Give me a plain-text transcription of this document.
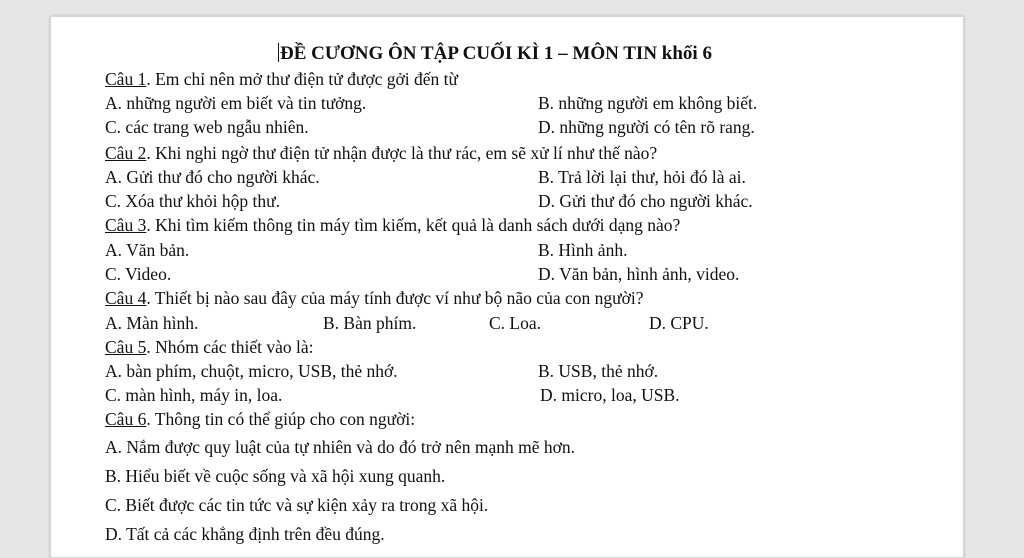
ĐỀ CƯƠNG ÔN TẬP CUỐI KÌ 1 – MÔN TIN khối 6
Câu 1. Em chỉ nên mở thư điện tử được gởi đến từ
A. những người em biết và tin tưởng.	B. những người em không biết.
C. các trang web ngẫu nhiên.	D. những người có tên rõ rang.
Câu 2. Khi nghi ngờ thư điện tử nhận được là thư rác, em sẽ xử lí như thế nào?
A. Gửi thư đó cho người khác.	B. Trả lời lại thư, hỏi đó là ai.
C. Xóa thư khỏi hộp thư.	D. Gửi thư đó cho người khác.
Câu 3. Khi tìm kiếm thông tin máy tìm kiếm, kết quả là danh sách dưới dạng nào?
A. Văn bản.	B. Hình ảnh.
C. Video.	D. Văn bản, hình ảnh, video.
Câu 4. Thiết bị nào sau đây của máy tính được ví như bộ não của con người?
A. Màn hình.	B. Bàn phím.	C. Loa.	D. CPU.
Câu 5. Nhóm các thiết vào là:
A. bàn phím, chuột, micro, USB, thẻ nhớ.	B. USB, thẻ nhớ.
C. màn hình, máy in, loa.	D. micro, loa, USB.
Câu 6. Thông tin có thể giúp cho con người:
A. Nắm được quy luật của tự nhiên và do đó trở nên mạnh mẽ hơn.
B. Hiểu biết về cuộc sống và xã hội xung quanh.
C. Biết được các tin tức và sự kiện xảy ra trong xã hội.
D. Tất cả các khẳng định trên đều đúng.
